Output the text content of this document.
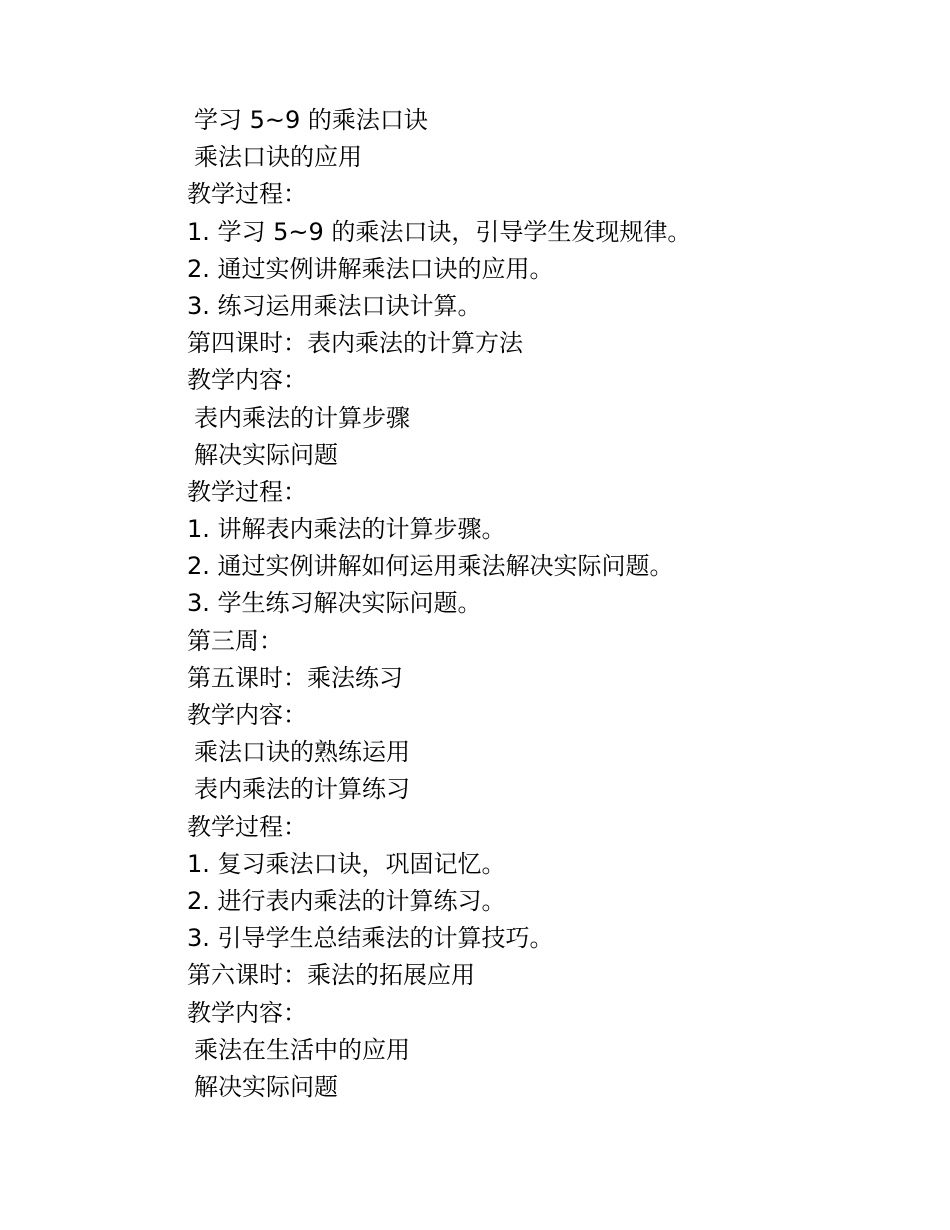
学习 5~9 的乘法口诀
乘法口诀的应用
教学过程：
1. 学习 5~9 的乘法口诀，引导学生发现规律。
2. 通过实例讲解乘法口诀的应用。
3. 练习运用乘法口诀计算。
第四课时：表内乘法的计算方法
教学内容：
表内乘法的计算步骤
解决实际问题
教学过程：
1. 讲解表内乘法的计算步骤。
2. 通过实例讲解如何运用乘法解决实际问题。
3. 学生练习解决实际问题。
第三周：
第五课时：乘法练习
教学内容：
乘法口诀的熟练运用
表内乘法的计算练习
教学过程：
1. 复习乘法口诀，巩固记忆。
2. 进行表内乘法的计算练习。
3. 引导学生总结乘法的计算技巧。
第六课时：乘法的拓展应用
教学内容：
乘法在生活中的应用
解决实际问题
